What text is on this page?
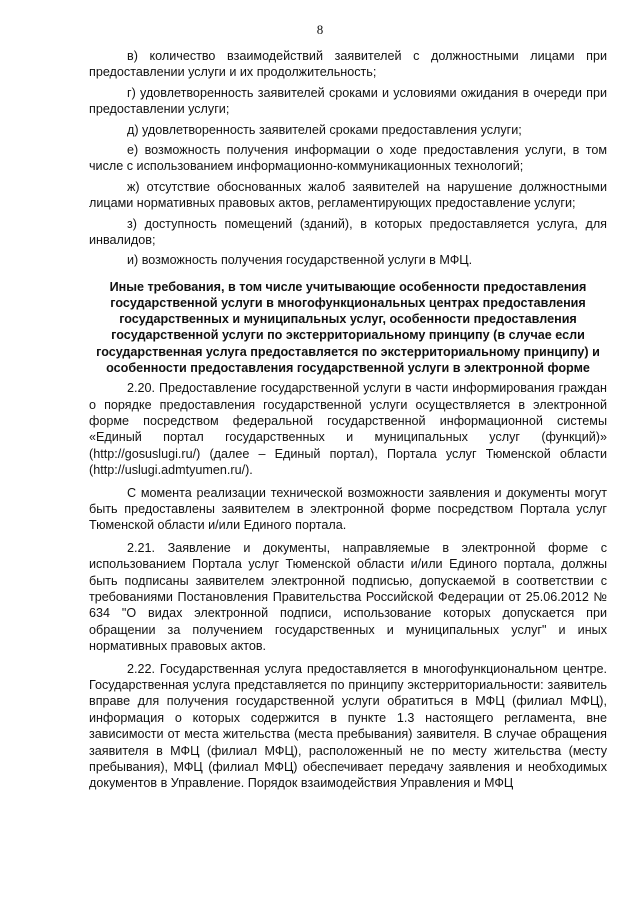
8

в) количество взаимодействий заявителей с должностными лицами при предоставлении услуги и их продолжительность;

г) удовлетворенность заявителей сроками и условиями ожидания в очереди при предоставлении услуги;

д) удовлетворенность заявителей сроками предоставления услуги;

е) возможность получения информации о ходе предоставления услуги, в том числе с использованием информационно-коммуникационных технологий;

ж) отсутствие обоснованных жалоб заявителей на нарушение должностными лицами нормативных правовых актов, регламентирующих предоставление услуги;

з) доступность помещений (зданий), в которых предоставляется услуга, для инвалидов;

и) возможность получения государственной услуги в МФЦ.

Иные требования, в том числе учитывающие особенности предоставления государственной услуги в многофункциональных центрах предоставления государственных и муниципальных услуг, особенности предоставления государственной услуги по экстерриториальному принципу (в случае если государственная услуга предоставляется по экстерриториальному принципу) и особенности предоставления государственной услуги в электронной форме

2.20. Предоставление государственной услуги в части информирования граждан о порядке предоставления государственной услуги осуществляется в электронной форме посредством федеральной государственной информационной системы «Единый портал государственных и муниципальных услуг (функций)» (http://gosuslugi.ru/) (далее – Единый портал), Портала услуг Тюменской области (http://uslugi.admtyumen.ru/).

С момента реализации технической возможности заявления и документы могут быть предоставлены заявителем в электронной форме посредством Портала услуг Тюменской области и/или Единого портала.

2.21. Заявление и документы, направляемые в электронной форме с использованием Портала услуг Тюменской области и/или Единого портала, должны быть подписаны заявителем электронной подписью, допускаемой в соответствии с требованиями Постановления Правительства Российской Федерации от 25.06.2012 № 634 "О видах электронной подписи, использование которых допускается при обращении за получением государственных и муниципальных услуг" и иных нормативных правовых актов.

2.22. Государственная услуга предоставляется в многофункциональном центре. Государственная услуга представляется по принципу экстерриториальности: заявитель вправе для получения государственной услуги обратиться в МФЦ (филиал МФЦ), информация о которых содержится в пункте 1.3 настоящего регламента, вне зависимости от места жительства (места пребывания) заявителя. В случае обращения заявителя в МФЦ (филиал МФЦ), расположенный не по месту жительства (месту пребывания), МФЦ (филиал МФЦ) обеспечивает передачу заявления и необходимых документов в Управление. Порядок взаимодействия Управления и МФЦ
